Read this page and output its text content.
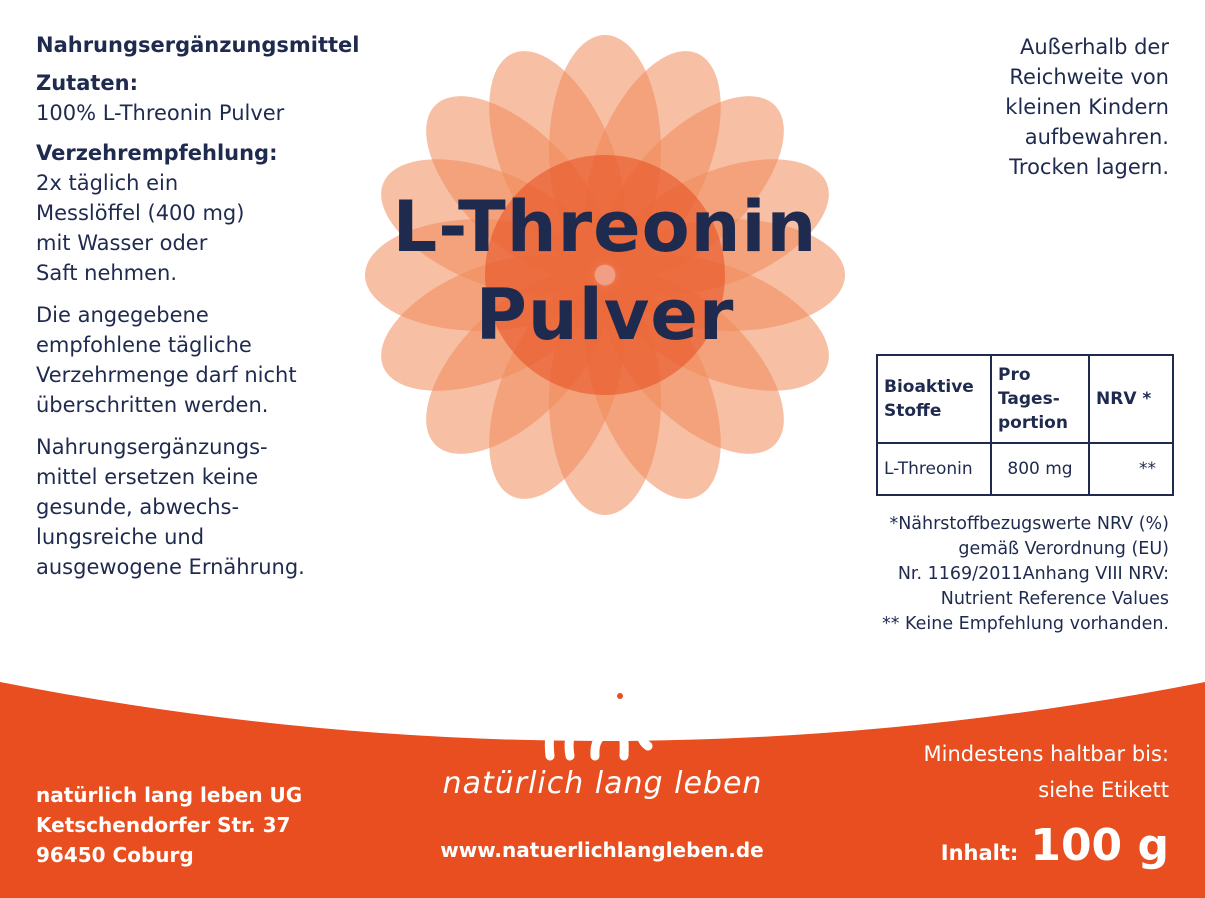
Nahrungsergänzungsmittel

Zutaten:
100% L-Threonin Pulver

Verzehrempfehlung:
2x täglich ein
Messlöffel (400 mg)
mit Wasser oder
Saft nehmen.

Die angegebene
empfohlene tägliche
Verzehrmenge darf nicht
überschritten werden.

Nahrungsergänzungs-
mittel ersetzen keine
gesunde, abwechs-
lungsreiche und
ausgewogene Ernährung.

Außerhalb der
Reichweite von
kleinen Kindern
aufbewahren.
Trocken lagern.
L-Threonin
Pulver
Bioaktive
Stoffe	Pro
Tages-
portion	NRV *
L-Threonin	800 mg	**
*Nährstoffbezugswerte NRV (%)
gemäß Verordnung (EU)
Nr. 1169/2011Anhang VIII NRV:
Nutrient Reference Values
** Keine Empfehlung vorhanden.
natürlich lang leben
www.natuerlichlangleben.de
natürlich lang leben UG
Ketschendorfer Str. 37
96450 Coburg
Mindestens haltbar bis:
siehe Etikett
Inhalt: 100 g
